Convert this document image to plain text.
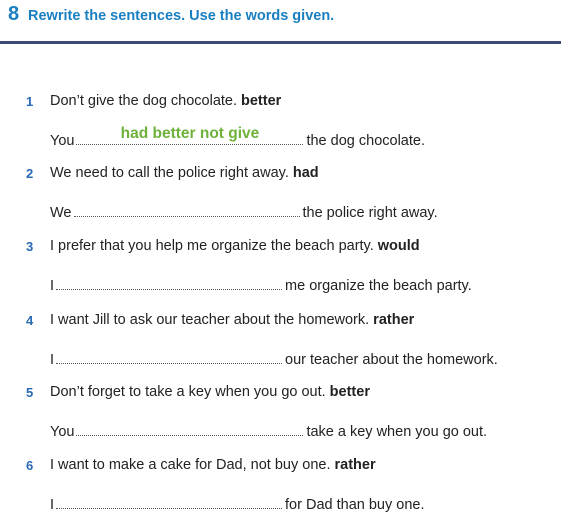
8 Rewrite the sentences. Use the words given.
1 Don’t give the dog chocolate. better
You	had better not give	the dog chocolate.
2 We need to call the police right away. had
We	the police right away.
3 I prefer that you help me organize the beach party. would
I	me organize the beach party.
4 I want Jill to ask our teacher about the homework. rather
I	our teacher about the homework.
5 Don’t forget to take a key when you go out. better
You	take a key when you go out.
6 I want to make a cake for Dad, not buy one. rather
I	for Dad than buy one.
